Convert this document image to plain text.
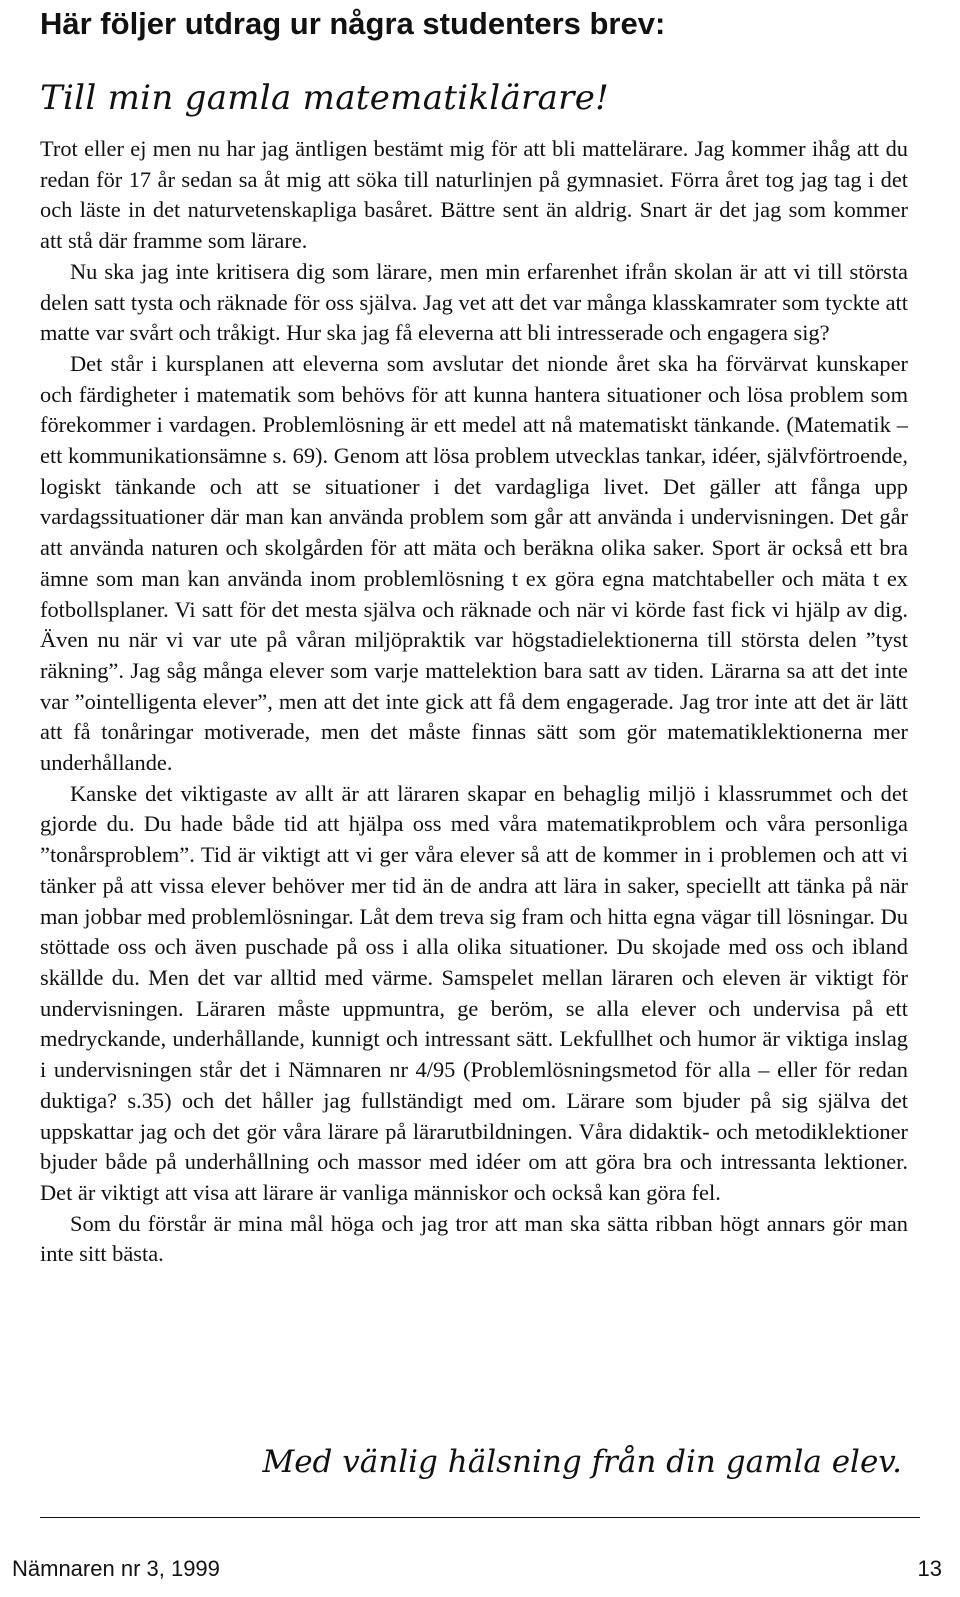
Här följer utdrag ur några studenters brev:
Till min gamla matematiklärare!

Trot eller ej men nu har jag äntligen bestämt mig för att bli mattelärare. Jag kommer ihåg att du redan för 17 år sedan sa åt mig att söka till naturlinjen på gymnasiet. Förra året tog jag tag i det och läste in det naturvetenskapliga basåret. Bättre sent än aldrig. Snart är det jag som kommer att stå där framme som lärare.

Nu ska jag inte kritisera dig som lärare, men min erfarenhet ifrån skolan är att vi till största delen satt tysta och räknade för oss själva. Jag vet att det var många klasskamrater som tyckte att matte var svårt och tråkigt. Hur ska jag få eleverna att bli intresserade och engagera sig?

Det står i kursplanen att eleverna som avslutar det nionde året ska ha förvärvat kunskaper och färdigheter i matematik som behövs för att kunna hantera situationer och lösa problem som förekommer i vardagen. Problemlösning är ett medel att nå matematiskt tänkande. (Matematik – ett kommunikationsämne s. 69). Genom att lösa problem utvecklas tankar, idéer, självförtroende, logiskt tänkande och att se situationer i det vardagliga livet. Det gäller att fånga upp vardagssituationer där man kan använda problem som går att använda i undervisningen. Det går att använda naturen och skolgården för att mäta och beräkna olika saker. Sport är också ett bra ämne som man kan använda inom problemlösning t ex göra egna matchtabeller och mäta t ex fotbollsplaner. Vi satt för det mesta själva och räknade och när vi körde fast fick vi hjälp av dig. Även nu när vi var ute på våran miljöpraktik var högstadielektionerna till största delen ”tyst räkning”. Jag såg många elever som varje mattelektion bara satt av tiden. Lärarna sa att det inte var ”ointelligenta elever”, men att det inte gick att få dem engagerade. Jag tror inte att det är lätt att få tonåringar motiverade, men det måste finnas sätt som gör matematiklektionerna mer underhållande.

Kanske det viktigaste av allt är att läraren skapar en behaglig miljö i klassrummet och det gjorde du. Du hade både tid att hjälpa oss med våra matematikproblem och våra personliga ”tonårsproblem”. Tid är viktigt att vi ger våra elever så att de kommer in i problemen och att vi tänker på att vissa elever behöver mer tid än de andra att lära in saker, speciellt att tänka på när man jobbar med problemlösningar. Låt dem treva sig fram och hitta egna vägar till lösningar. Du stöttade oss och även puschade på oss i alla olika situationer. Du skojade med oss och ibland skällde du. Men det var alltid med värme. Samspelet mellan läraren och eleven är viktigt för undervisningen. Läraren måste uppmuntra, ge beröm, se alla elever och undervisa på ett medryckande, underhållande, kunnigt och intressant sätt. Lekfullhet och humor är viktiga inslag i undervisningen står det i Nämnaren nr 4/95 (Problemlösningsmetod för alla – eller för redan duktiga? s.35) och det håller jag fullständigt med om. Lärare som bjuder på sig själva det uppskattar jag och det gör våra lärare på lärarutbildningen. Våra didaktik- och metodiklektioner bjuder både på underhållning och massor med idéer om att göra bra och intressanta lektioner. Det är viktigt att visa att lärare är vanliga människor och också kan göra fel.

Som du förstår är mina mål höga och jag tror att man ska sätta ribban högt annars gör man inte sitt bästa.

Med vänlig hälsning från din gamla elev.
Nämnaren nr 3, 1999	13
